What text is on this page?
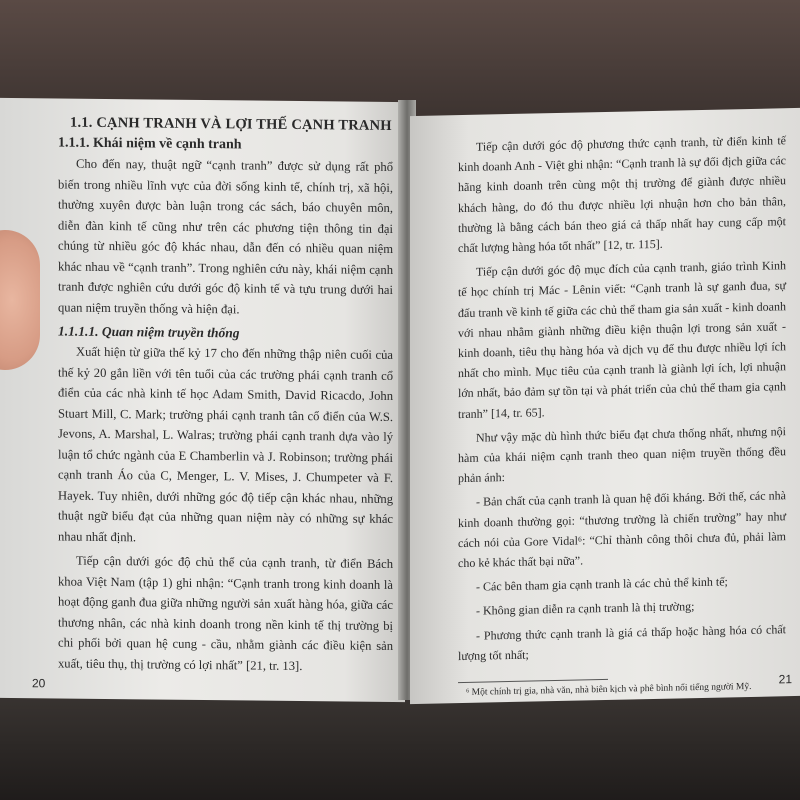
1.1. CẠNH TRANH VÀ LỢI THẾ CẠNH TRANH
1.1.1. Khái niệm về cạnh tranh

Cho đến nay, thuật ngữ “cạnh tranh” được sử dụng rất phổ biến trong nhiều lĩnh vực của đời sống kinh tế, chính trị, xã hội, thường xuyên được bàn luận trong các sách, báo chuyên môn, diễn đàn kinh tế cũng như trên các phương tiện thông tin đại chúng từ nhiều góc độ khác nhau, dẫn đến có nhiều quan niệm khác nhau về “cạnh tranh”. Trong nghiên cứu này, khái niệm cạnh tranh được nghiên cứu dưới góc độ kinh tế và tựu trung dưới hai quan niệm truyền thống và hiện đại.

1.1.1.1. Quan niệm truyền thống

Xuất hiện từ giữa thế kỷ 17 cho đến những thập niên cuối của thế kỷ 20 gắn liền với tên tuổi của các trường phái cạnh tranh cổ điển của các nhà kinh tế học Adam Smith, David Ricacdo, John Stuart Mill, C. Mark; trường phái cạnh tranh tân cổ điển của W.S. Jevons, A. Marshal, L. Walras; trường phái cạnh tranh dựa vào lý luận tổ chức ngành của E Chamberlin và J. Robinson; trường phái cạnh tranh Áo của C, Menger, L. V. Mises, J. Chumpeter và F. Hayek. Tuy nhiên, dưới những góc độ tiếp cận khác nhau, những thuật ngữ biểu đạt của những quan niệm này có những sự khác nhau nhất định.

Tiếp cận dưới góc độ chủ thể của cạnh tranh, từ điển Bách khoa Việt Nam (tập 1) ghi nhận: “Cạnh tranh trong kinh doanh là hoạt động ganh đua giữa những người sản xuất hàng hóa, giữa các thương nhân, các nhà kinh doanh trong nền kinh tế thị trường bị chi phối bởi quan hệ cung - cầu, nhằm giành các điều kiện sản xuất, tiêu thụ, thị trường có lợi nhất” [21, tr. 13].

20

Tiếp cận dưới góc độ phương thức cạnh tranh, từ điển kinh tế kinh doanh Anh - Việt ghi nhận: “Cạnh tranh là sự đối địch giữa các hãng kinh doanh trên cùng một thị trường để giành được nhiều khách hàng, do đó thu được nhiều lợi nhuận hơn cho bản thân, thường là bằng cách bán theo giá cả thấp nhất hay cung cấp một chất lượng hàng hóa tốt nhất” [12, tr. 115].

Tiếp cận dưới góc độ mục đích của cạnh tranh, giáo trình Kinh tế học chính trị Mác - Lênin viết: “Cạnh tranh là sự ganh đua, sự đấu tranh về kinh tế giữa các chủ thể tham gia sản xuất - kinh doanh với nhau nhằm giành những điều kiện thuận lợi trong sản xuất - kinh doanh, tiêu thụ hàng hóa và dịch vụ để thu được nhiều lợi ích nhất cho mình. Mục tiêu của cạnh tranh là giành lợi ích, lợi nhuận lớn nhất, bảo đảm sự tồn tại và phát triển của chủ thể tham gia cạnh tranh” [14, tr. 65].

Như vậy mặc dù hình thức biểu đạt chưa thống nhất, nhưng nội hàm của khái niệm cạnh tranh theo quan niệm truyền thống đều phản ánh:

- Bản chất của cạnh tranh là quan hệ đối kháng. Bởi thế, các nhà kinh doanh thường gọi: “thương trường là chiến trường” hay như cách nói của Gore Vidal⁶: “Chỉ thành công thôi chưa đủ, phải làm cho kẻ khác thất bại nữa”.

- Các bên tham gia cạnh tranh là các chủ thể kinh tế;

- Không gian diễn ra cạnh tranh là thị trường;

- Phương thức cạnh tranh là giá cả thấp hoặc hàng hóa có chất lượng tốt nhất;

⁶ Một chính trị gia, nhà văn, nhà biên kịch và phê bình nổi tiếng người Mỹ.
21
